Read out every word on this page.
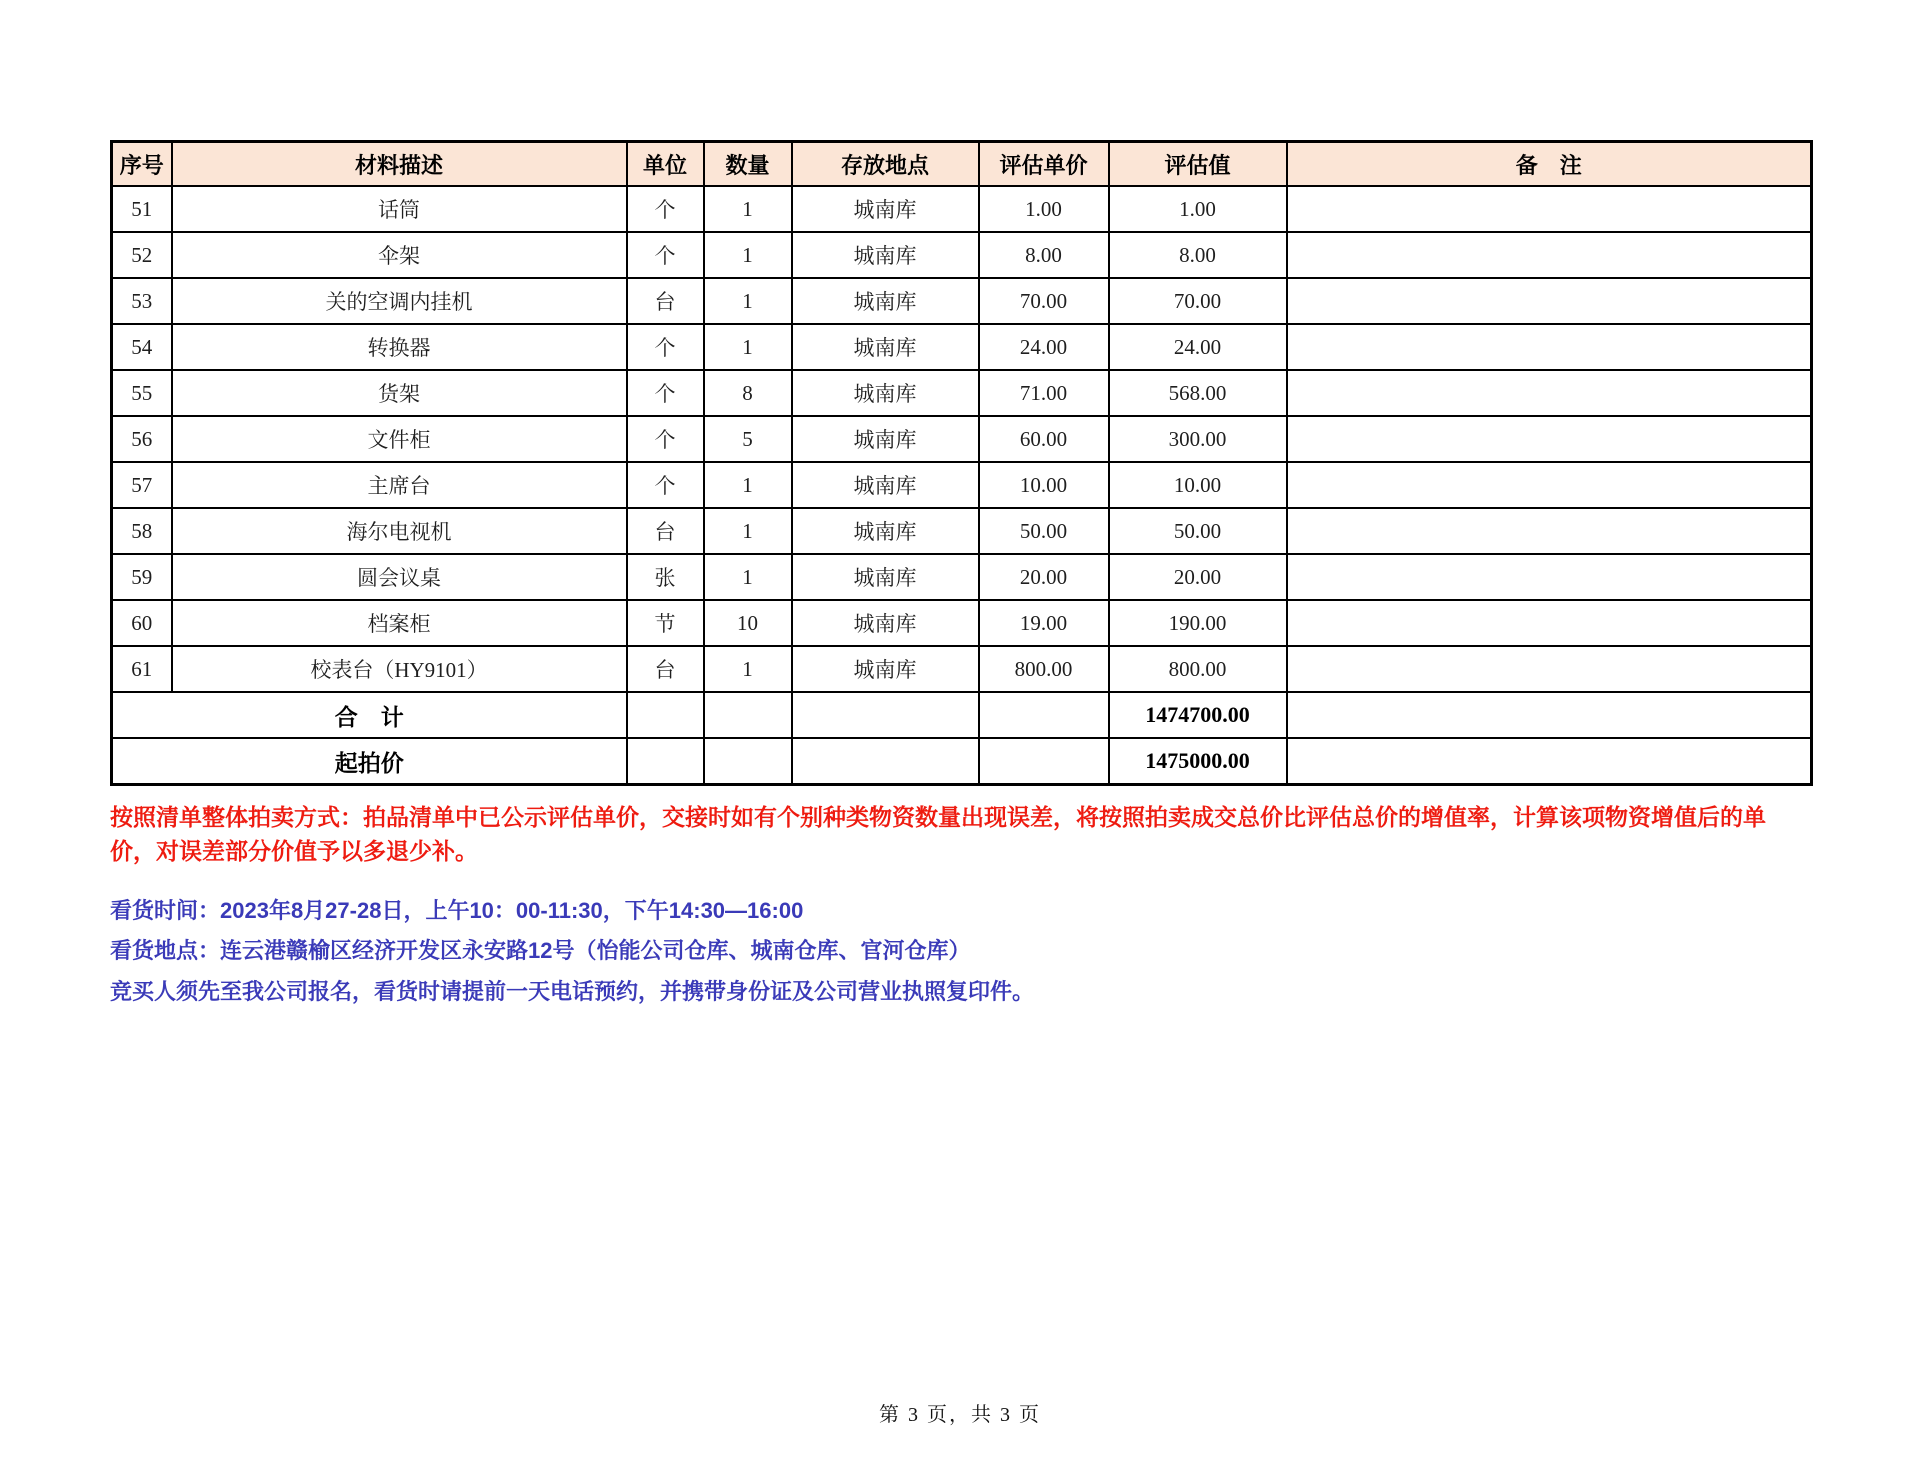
序号	材料描述	单位	数量	存放地点	评估单价	评估值	备　注
51	话筒	个	1	城南库	1.00	1.00	
52	伞架	个	1	城南库	8.00	8.00	
53	关的空调内挂机	台	1	城南库	70.00	70.00	
54	转换器	个	1	城南库	24.00	24.00	
55	货架	个	8	城南库	71.00	568.00	
56	文件柜	个	5	城南库	60.00	300.00	
57	主席台	个	1	城南库	10.00	10.00	
58	海尔电视机	台	1	城南库	50.00	50.00	
59	圆会议桌	张	1	城南库	20.00	20.00	
60	档案柜	节	10	城南库	19.00	190.00	
61	校表台（HY9101）	台	1	城南库	800.00	800.00	
合　计						1474700.00	
起拍价						1475000.00	
按照清单整体拍卖方式：拍品清单中已公示评估单价，交接时如有个别种类物资数量出现误差，将按照拍卖成交总价比评估总价的增值率，计算该项物资增值后的单
价，对误差部分价值予以多退少补。
看货时间：2023年8月27-28日，上午10：00-11:30，下午14:30—16:00
看货地点：连云港赣榆区经济开发区永安路12号（怡能公司仓库、城南仓库、官河仓库）
竞买人须先至我公司报名，看货时请提前一天电话预约，并携带身份证及公司营业执照复印件。
第 3 页，共 3 页
